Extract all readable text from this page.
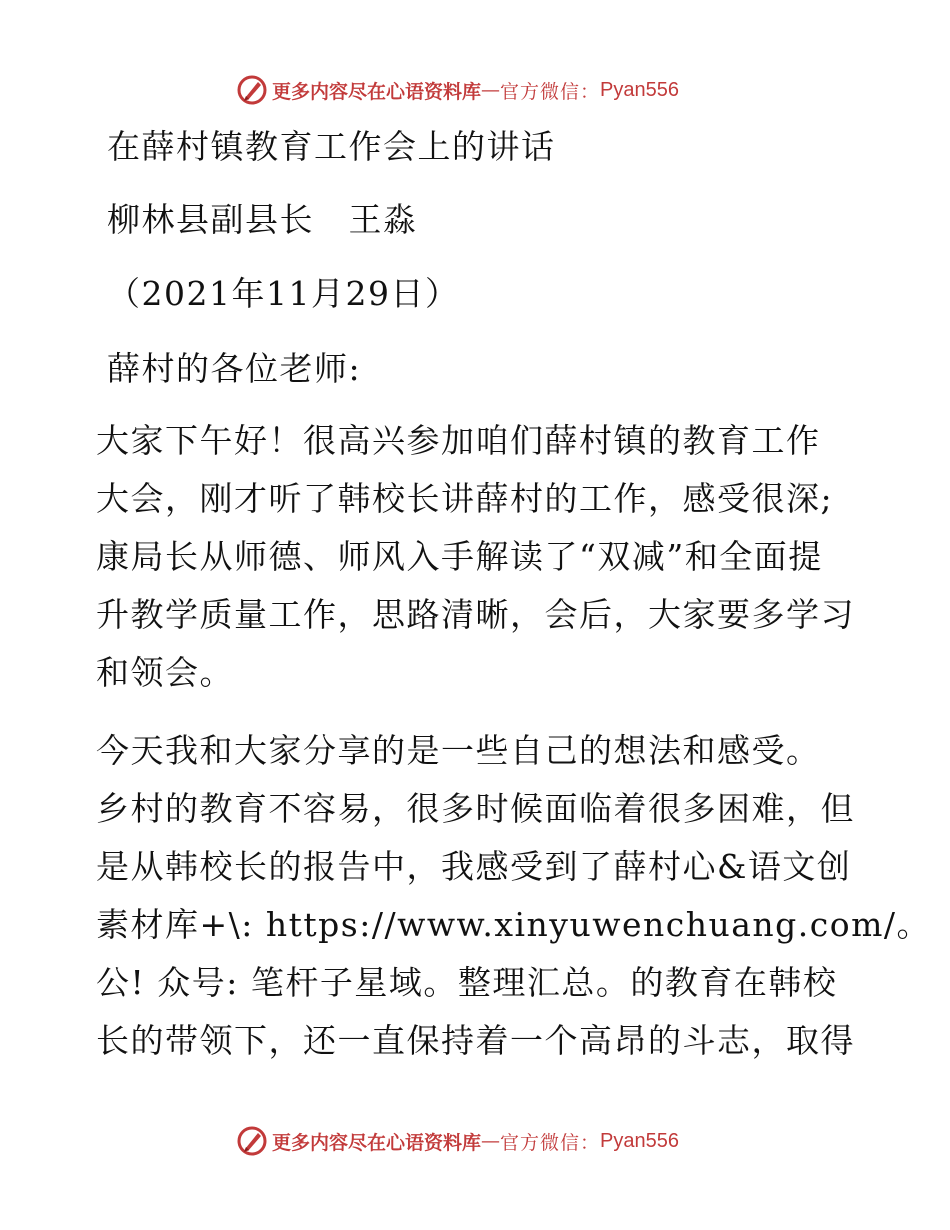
更多内容尽在心语资料库 — 官方微信： Pyan556
在薛村镇教育工作会上的讲话
柳林县副县长　王淼
（2021年11月29日）
薛村的各位老师:
大家下午好！很高兴参加咱们薛村镇的教育工作
大会，刚才听了韩校长讲薛村的工作，感受很深;
康局长从师德、师风入手解读了“双减”和全面提
升教学质量工作，思路清晰，会后，大家要多学习
和领会。
今天我和大家分享的是一些自己的想法和感受。
乡村的教育不容易，很多时候面临着很多困难，但
是从韩校长的报告中，我感受到了薛村心&语文创
素材库+\: https://www.xinyuwenchuang.com/。
公! 众号: 笔杆子星域。整理汇总。的教育在韩校
长的带领下，还一直保持着一个高昂的斗志，取得
更多内容尽在心语资料库 — 官方微信： Pyan556
